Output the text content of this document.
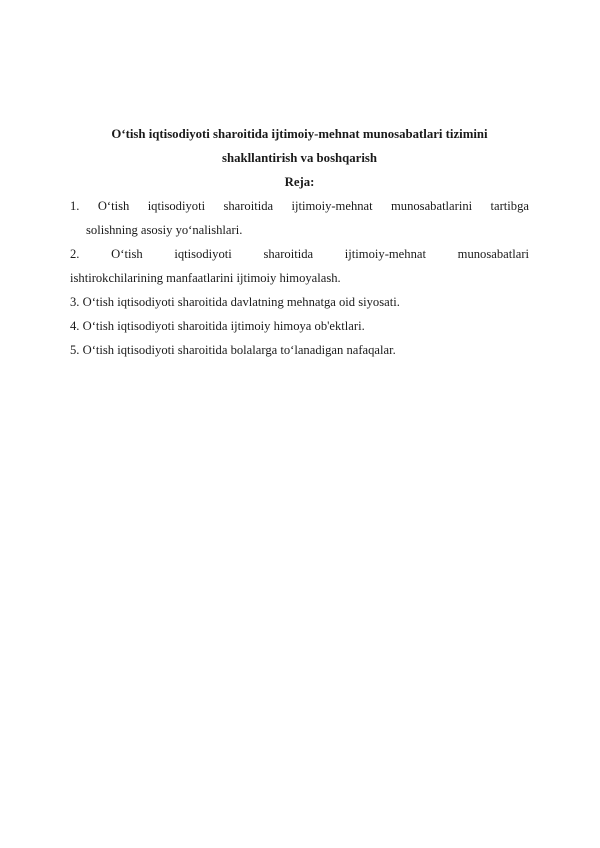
O‘tish iqtisodiyoti sharoitida ijtimoiy-mehnat munosabatlari tizimini
shakllantirish va boshqarish
Reja:
1. O‘tish iqtisodiyoti sharoitida ijtimoiy-mehnat munosabatlarini tartibga
solishning asosiy yo‘nalishlari.
2.	O‘tish iqtisodiyoti sharoitida ijtimoiy-mehnat munosabatlari
ishtirokchilarining manfaatlarini ijtimoiy himoyalash.
3. O‘tish iqtisodiyoti sharoitida davlatning mehnatga oid siyosati.
4. O‘tish iqtisodiyoti sharoitida ijtimoiy himoya ob'ektlari.
5. O‘tish iqtisodiyoti sharoitida bolalarga to‘lanadigan nafaqalar.
